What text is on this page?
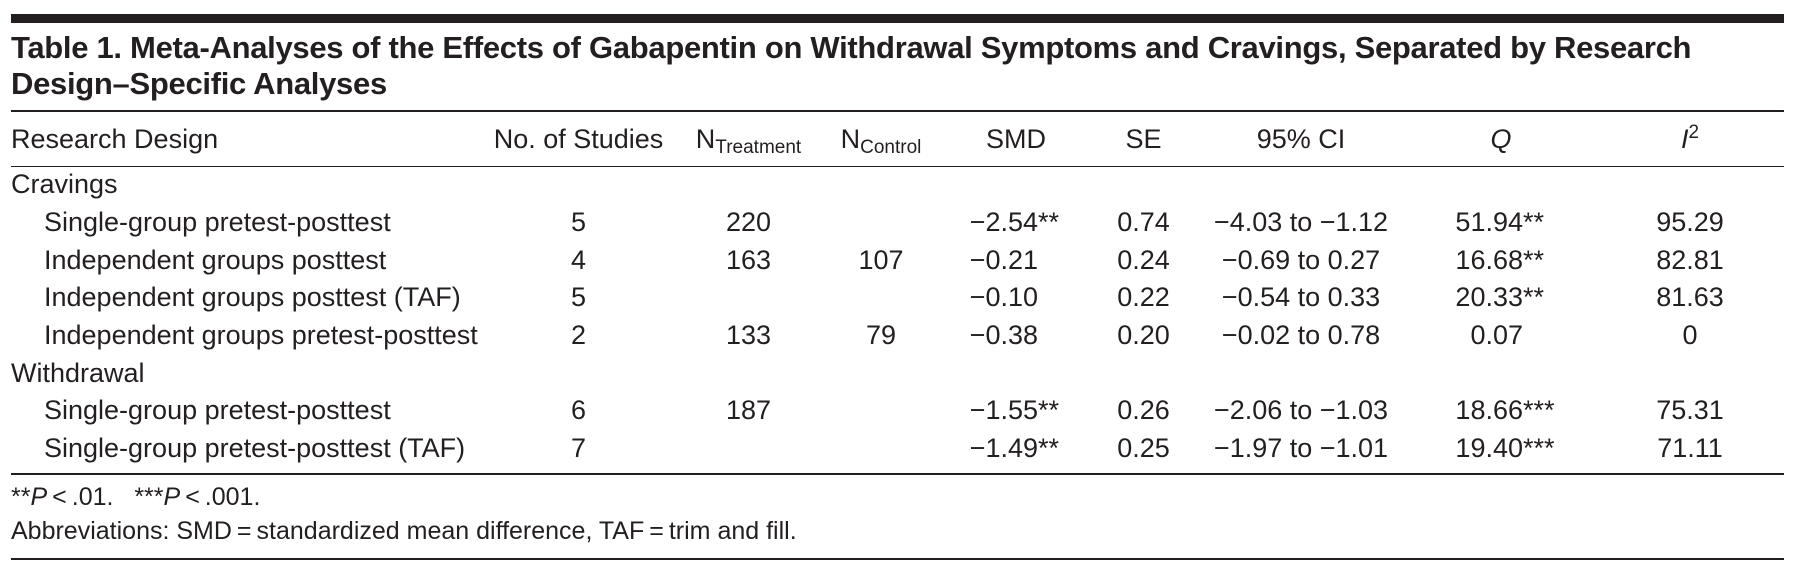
Table 1. Meta-Analyses of the Effects of Gabapentin on Withdrawal Symptoms and Cravings, Separated by Research Design–Specific Analyses
Research Design	No. of Studies	$N_{Treatment}$	$N_{Control}$	SMD	SE	95% CI	Q	$I^2$
Cravings								
Single-group pretest-posttest	5	220		−2.54**	0.74	−4.03 to −1.12	51.94**	95.29
Independent groups posttest	4	163	107	−0.21	0.24	−0.69 to 0.27	16.68**	82.81
Independent groups posttest (TAF)	5			−0.10	0.22	−0.54 to 0.33	20.33**	81.63
Independent groups pretest-posttest	2	133	79	−0.38	0.20	−0.02 to 0.78	0.07	0
Withdrawal								
Single-group pretest-posttest	6	187		−1.55**	0.26	−2.06 to −1.03	18.66***	75.31
Single-group pretest-posttest (TAF)	7			−1.49**	0.25	−1.97 to −1.01	19.40***	71.11
**P < .01. ***P < .001.
Abbreviations: SMD = standardized mean difference, TAF = trim and fill.
